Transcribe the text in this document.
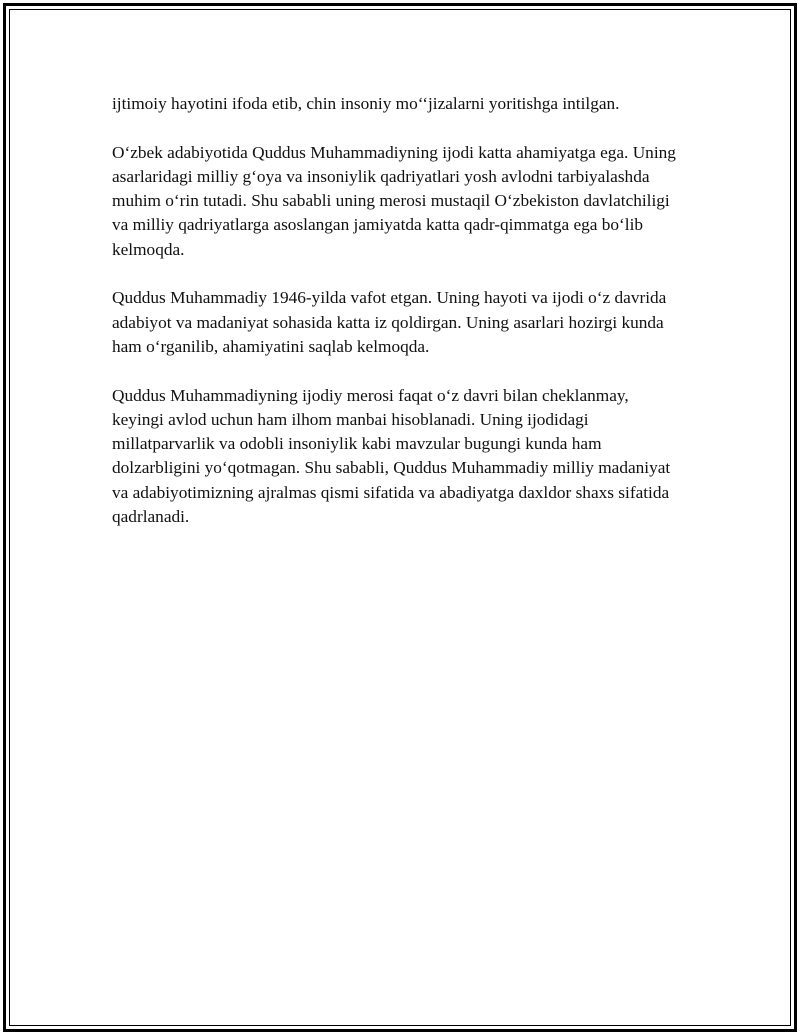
ijtimoiy hayotini ifoda etib, chin insoniy mo‘‘jizalarni yoritishga intilgan.

O‘zbek adabiyotida Quddus Muhammadiyning ijodi katta ahamiyatga ega. Uning asarlaridagi milliy g‘oya va insoniylik qadriyatlari yosh avlodni tarbiyalashda muhim o‘rin tutadi. Shu sababli uning merosi mustaqil O‘zbekiston davlatchiligi va milliy qadriyatlarga asoslangan jamiyatda katta qadr-qimmatga ega bo‘lib kelmoqda.

Quddus Muhammadiy 1946-yilda vafot etgan. Uning hayoti va ijodi o‘z davrida adabiyot va madaniyat sohasida katta iz qoldirgan. Uning asarlari hozirgi kunda ham o‘rganilib, ahamiyatini saqlab kelmoqda.

Quddus Muhammadiyning ijodiy merosi faqat o‘z davri bilan cheklanmay, keyingi avlod uchun ham ilhom manbai hisoblanadi. Uning ijodidagi millatparvarlik va odobli insoniylik kabi mavzular bugungi kunda ham dolzarbligini yo‘qotmagan. Shu sababli, Quddus Muhammadiy milliy madaniyat va adabiyotimizning ajralmas qismi sifatida va abadiyatga daxldor shaxs sifatida qadrlanadi.
